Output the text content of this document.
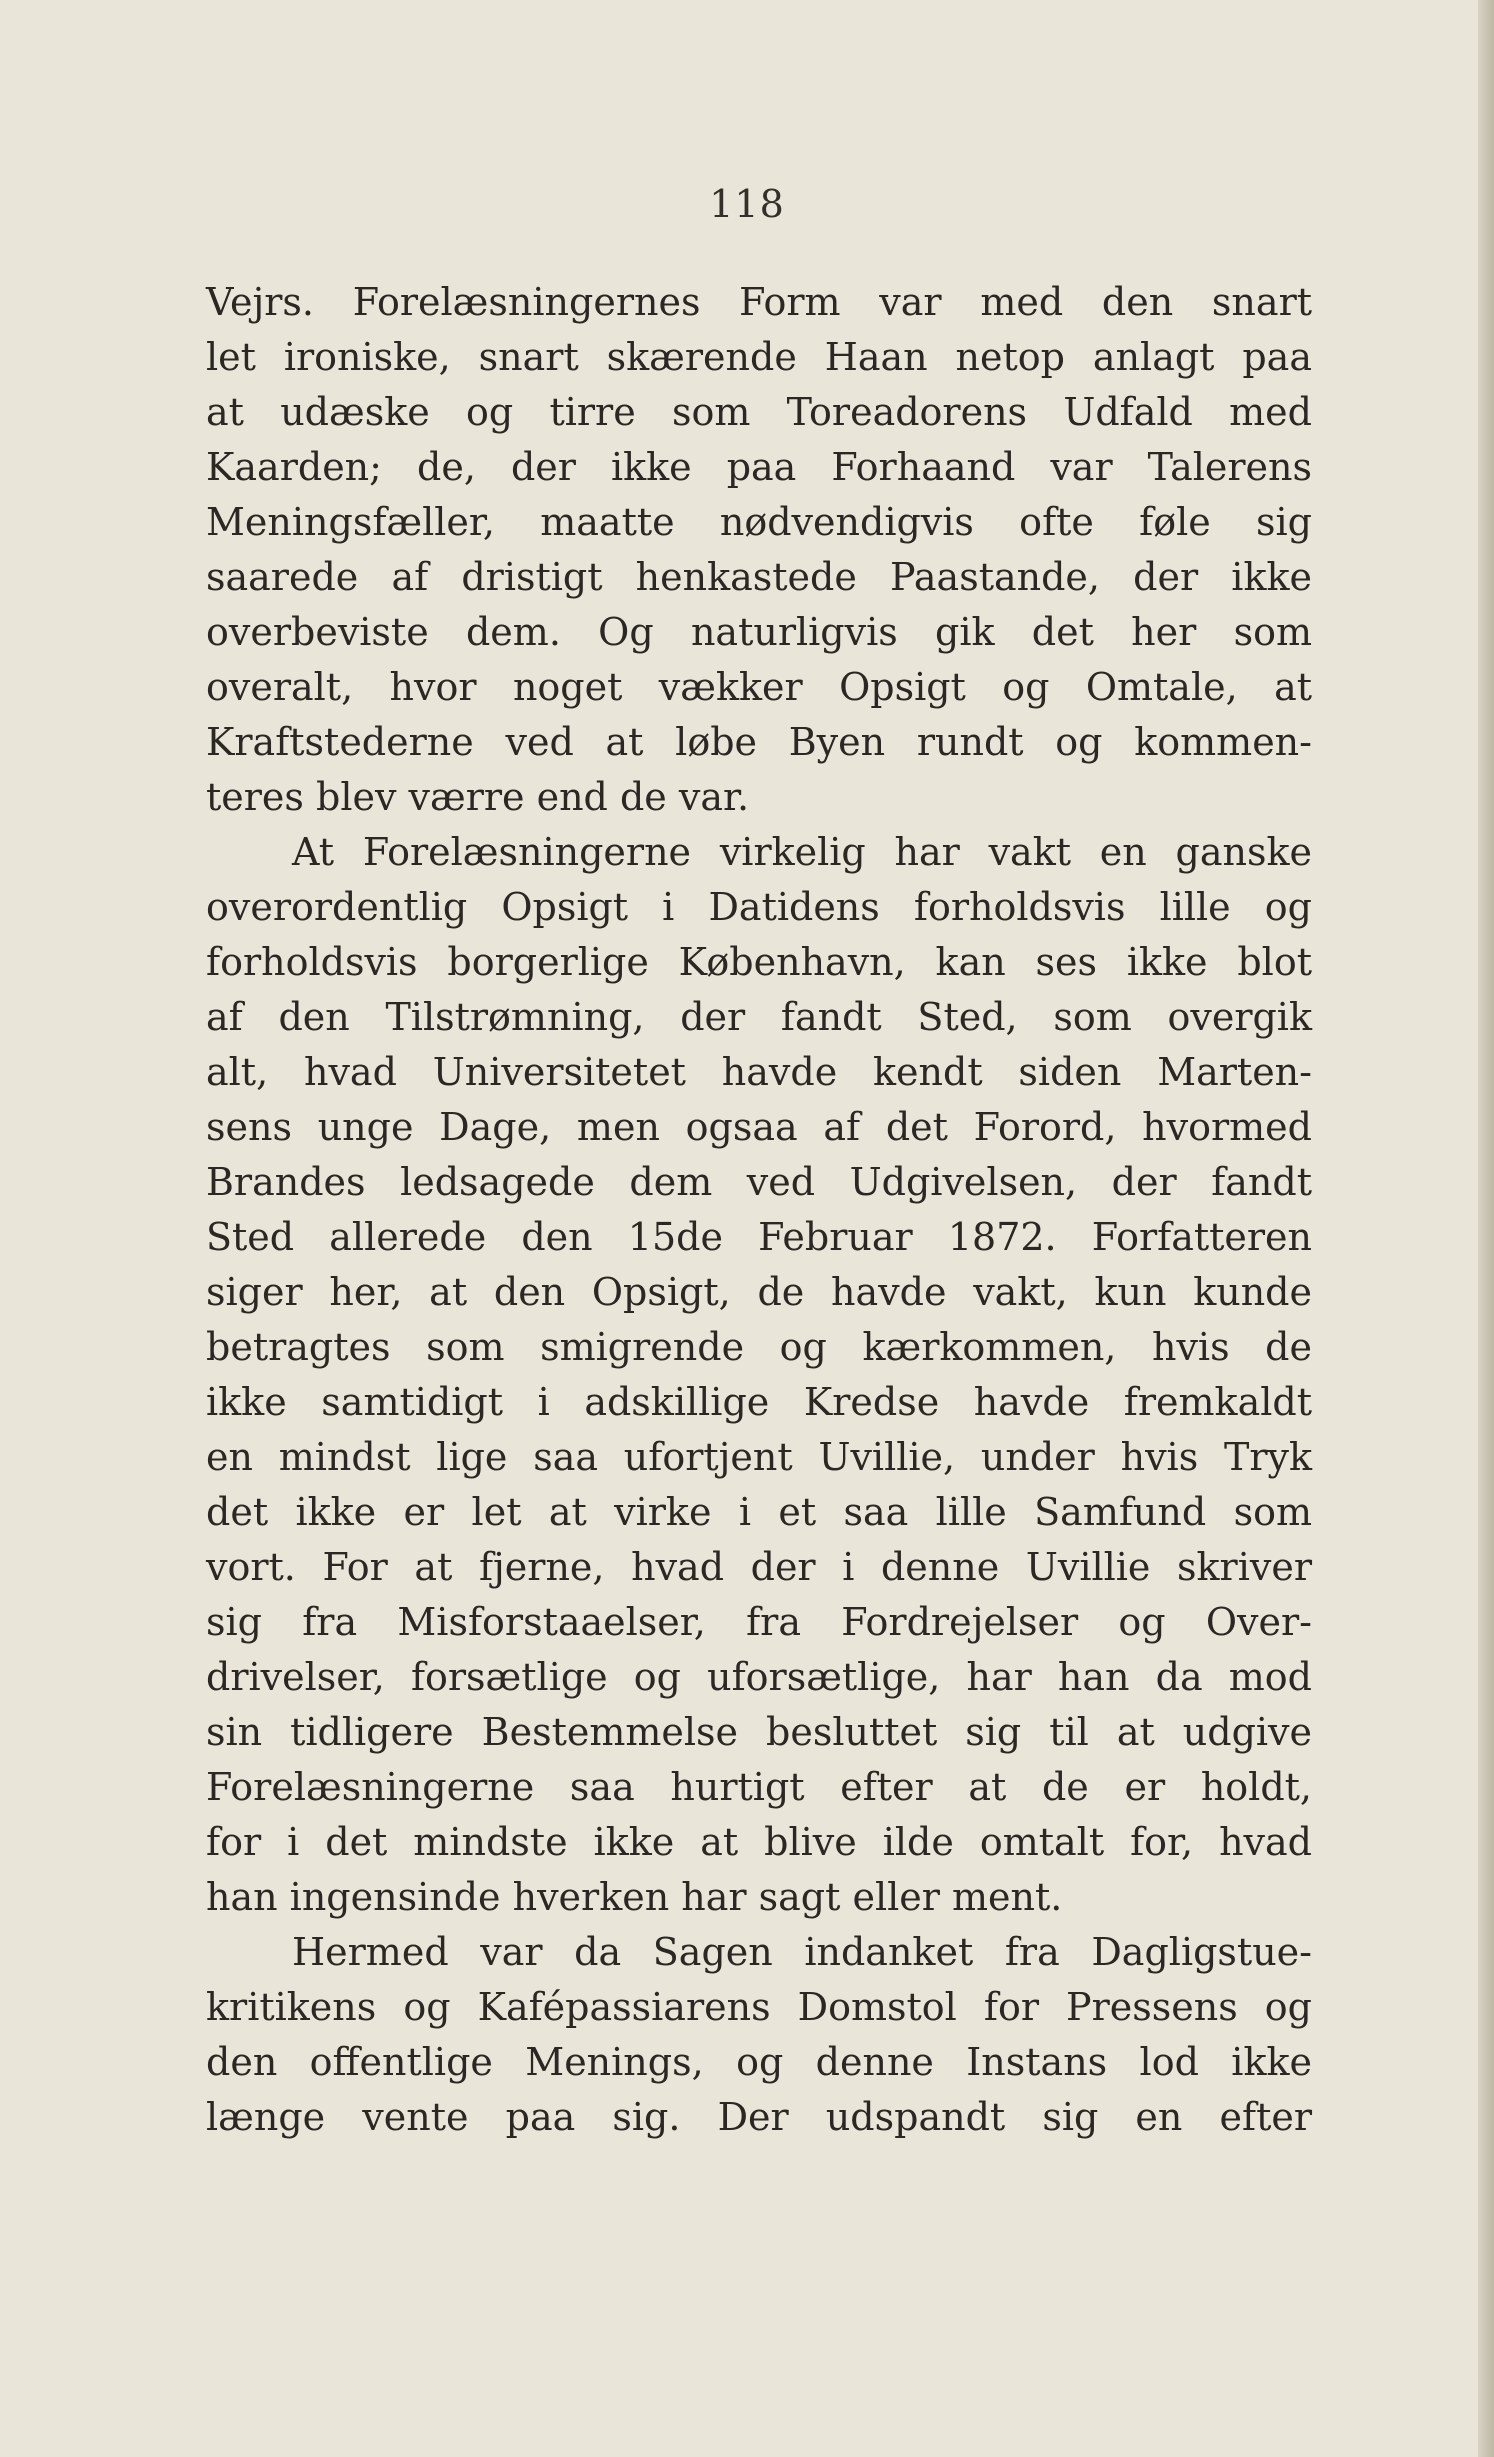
118
Vejrs. Forelæsningernes Form var med den snart
let ironiske, snart skærende Haan netop anlagt paa
at udæske og tirre som Toreadorens Udfald med
Kaarden; de, der ikke paa Forhaand var Talerens
Meningsfæller, maatte nødvendigvis ofte føle sig
saarede af dristigt henkastede Paastande, der ikke
overbeviste dem. Og naturligvis gik det her som
overalt, hvor noget vækker Opsigt og Omtale, at
Kraftstederne ved at løbe Byen rundt og kommen-
teres blev værre end de var.
At Forelæsningerne virkelig har vakt en ganske
overordentlig Opsigt i Datidens forholdsvis lille og
forholdsvis borgerlige København, kan ses ikke blot
af den Tilstrømning, der fandt Sted, som overgik
alt, hvad Universitetet havde kendt siden Marten-
sens unge Dage, men ogsaa af det Forord, hvormed
Brandes ledsagede dem ved Udgivelsen, der fandt
Sted allerede den 15de Februar 1872. Forfatteren
siger her, at den Opsigt, de havde vakt, kun kunde
betragtes som smigrende og kærkommen, hvis de
ikke samtidigt i adskillige Kredse havde fremkaldt
en mindst lige saa ufortjent Uvillie, under hvis Tryk
det ikke er let at virke i et saa lille Samfund som
vort. For at fjerne, hvad der i denne Uvillie skriver
sig fra Misforstaaelser, fra Fordrejelser og Over-
drivelser, forsætlige og uforsætlige, har han da mod
sin tidligere Bestemmelse besluttet sig til at udgive
Forelæsningerne saa hurtigt efter at de er holdt,
for i det mindste ikke at blive ilde omtalt for, hvad
han ingensinde hverken har sagt eller ment.
Hermed var da Sagen indanket fra Dagligstue-
kritikens og Kafépassiarens Domstol for Pressens og
den offentlige Menings, og denne Instans lod ikke
længe vente paa sig. Der udspandt sig en efter
